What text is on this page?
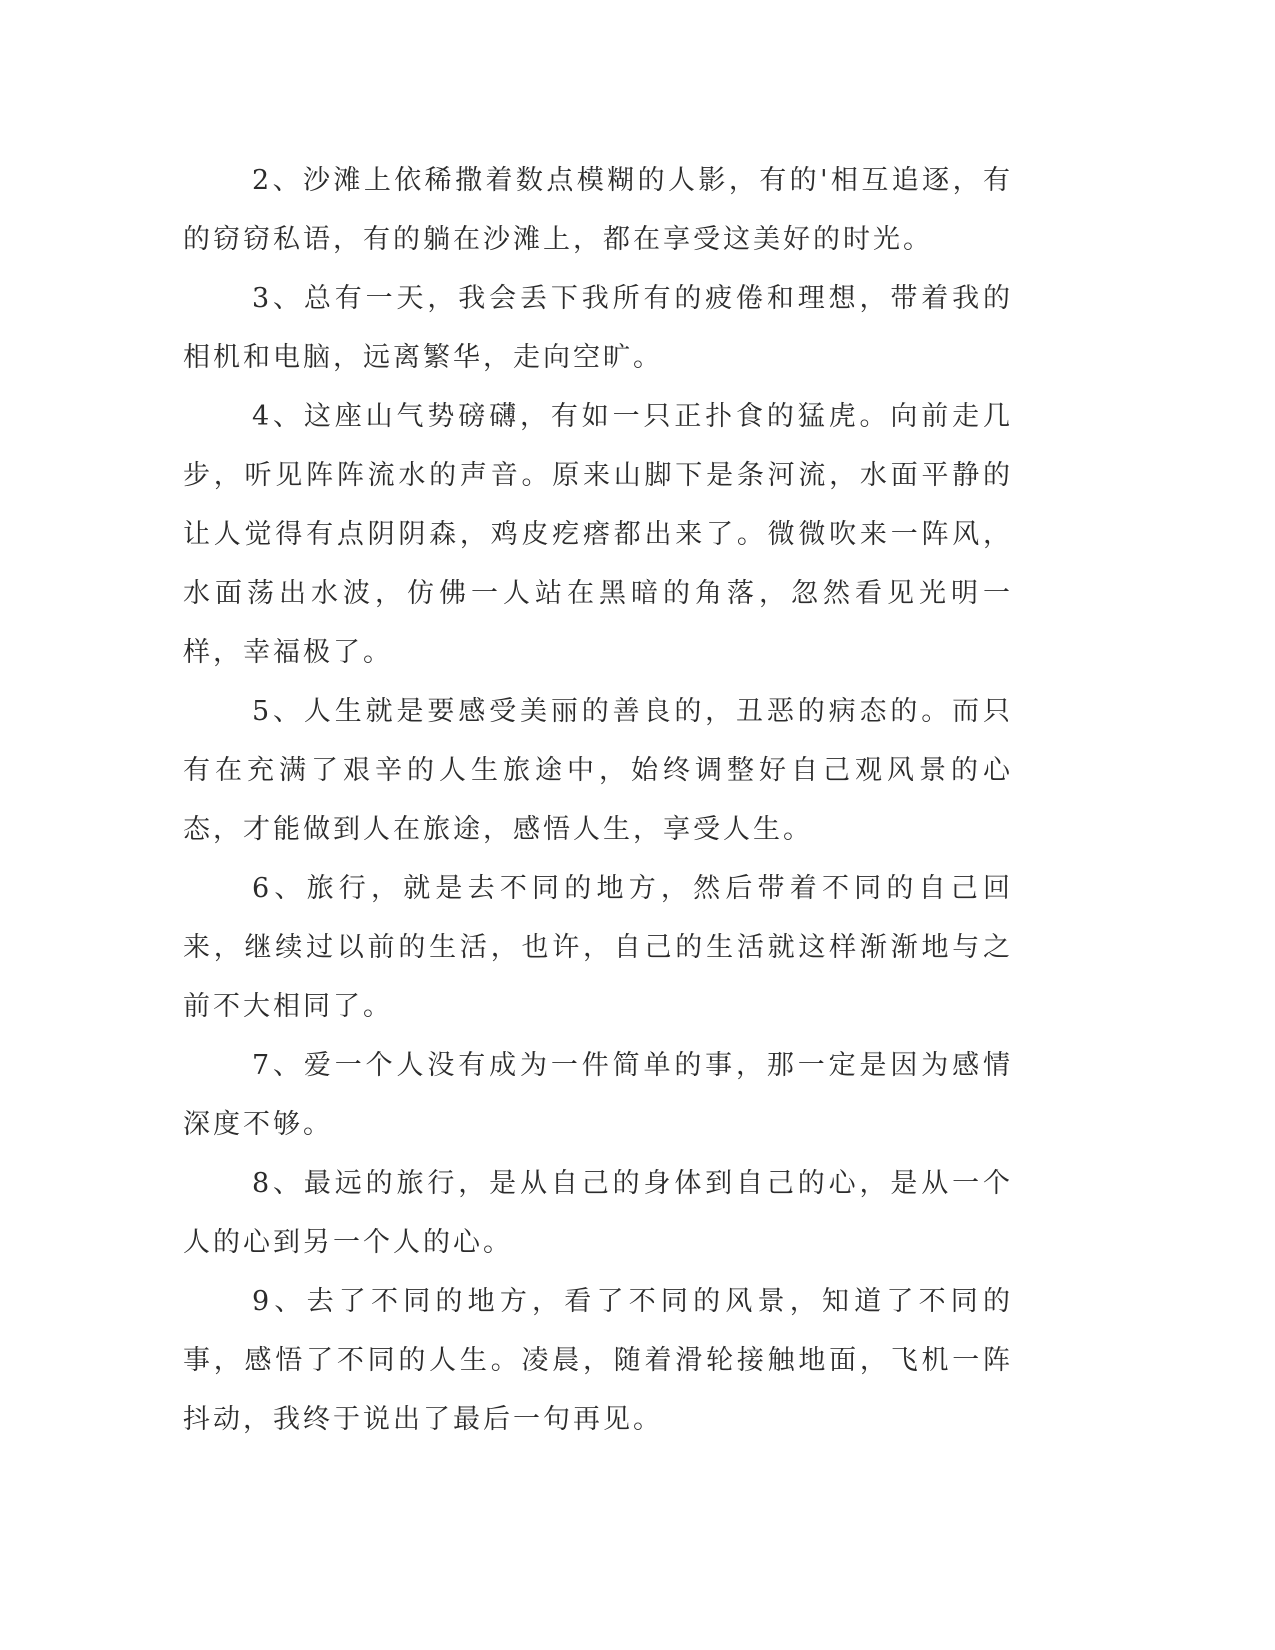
2、沙滩上依稀撒着数点模糊的人影，有的'相互追逐，有的窃窃私语，有的躺在沙滩上，都在享受这美好的时光。

3、总有一天，我会丢下我所有的疲倦和理想，带着我的相机和电脑，远离繁华，走向空旷。

4、这座山气势磅礴，有如一只正扑食的猛虎。向前走几步，听见阵阵流水的声音。原来山脚下是条河流，水面平静的让人觉得有点阴阴森，鸡皮疙瘩都出来了。微微吹来一阵风，水面荡出水波，仿佛一人站在黑暗的角落，忽然看见光明一样，幸福极了。

5、人生就是要感受美丽的善良的，丑恶的病态的。而只有在充满了艰辛的人生旅途中，始终调整好自己观风景的心态，才能做到人在旅途，感悟人生，享受人生。

6、旅行，就是去不同的地方，然后带着不同的自己回来，继续过以前的生活，也许，自己的生活就这样渐渐地与之前不大相同了。

7、爱一个人没有成为一件简单的事，那一定是因为感情深度不够。

8、最远的旅行，是从自己的身体到自己的心，是从一个人的心到另一个人的心。

9、去了不同的地方，看了不同的风景，知道了不同的事，感悟了不同的人生。凌晨，随着滑轮接触地面，飞机一阵抖动，我终于说出了最后一句再见。
